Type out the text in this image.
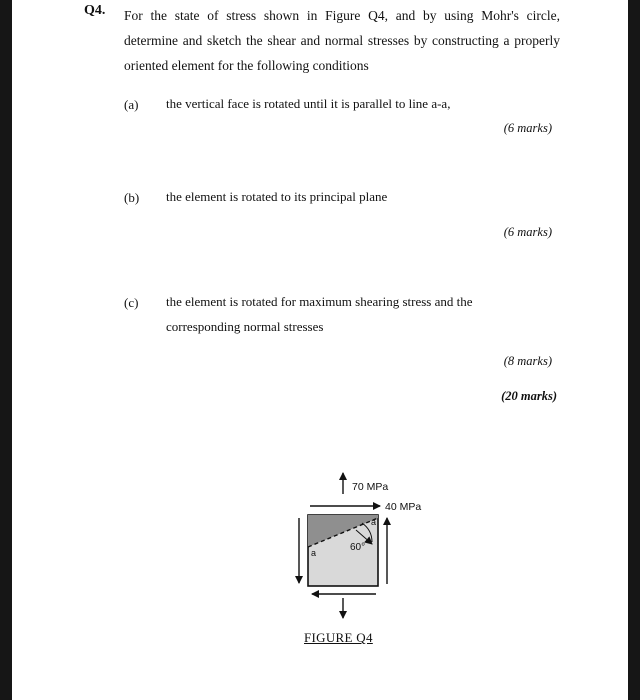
Q4. For the state of stress shown in Figure Q4, and by using Mohr's circle, determine and sketch the shear and normal stresses by constructing a properly oriented element for the following conditions
(a) the vertical face is rotated until it is parallel to line a-a,
(6 marks)
(b) the element is rotated to its principal plane
(6 marks)
(c) the element is rotated for maximum shearing stress and the corresponding normal stresses
(8 marks)
(20 marks)
70 MPa
40 MPa
60°
a
a
FIGURE Q4
